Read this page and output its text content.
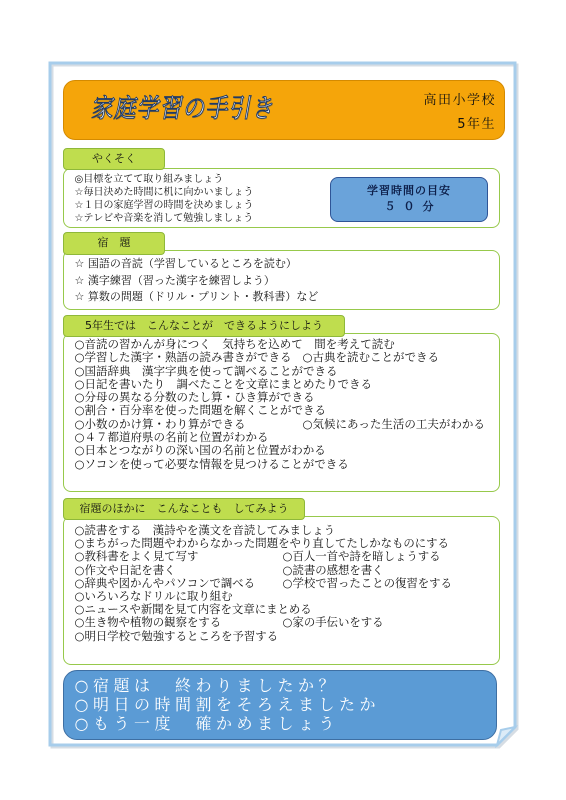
家庭学習の手引き	高田小学校
5年生
やくそく
◎目標を立てて取り組みましょう
☆毎日決めた時間に机に向かいましょう
☆１日の家庭学習の時間を決めましょう
☆テレビや音楽を消して勉強しましょう
学習時間の目安
５０分
宿　題
☆ 国語の音読（学習しているところを読む）
☆ 漢字練習（習った漢字を練習しよう）
☆ 算数の問題（ドリル・プリント・教科書）など
5年生では　こんなことが　できるようにしよう
○音読の習かんが身につく　気持ちを込めて　間を考えて読む
○学習した漢字・熟語の読み書きができる ○古典を読むことができる
○国語辞典　漢字字典を使って調べることができる
○日記を書いたり　調べたことを文章にまとめたりできる
○分母の異なる分数のたし算・ひき算ができる
○割合・百分率を使った問題を解くことができる
○小数のかけ算・わり算ができる	○気候にあった生活の工夫がわかる
○４７都道府県の名前と位置がわかる
○日本とつながりの深い国の名前と位置がわかる
○ソコンを使って必要な情報を見つけることができる
宿題のほかに　こんなことも　してみよう
○読書をする　漢詩やを漢文を音読してみましょう
○まちがった問題やわからなかった問題をやり直してたしかなものにする
○教科書をよく見て写す	○百人一首や詩を暗しょうする
○作文や日記を書く	○読書の感想を書く
○辞典や図かんやパソコンで調べる ○学校で習ったことの復習をする
○いろいろなドリルに取り組む
○ニュースや新聞を見て内容を文章にまとめる
○生き物や植物の観察をする	○家の手伝いをする
○明日学校で勉強するところを予習する
○宿題は　終わりましたか？
○明日の時間割をそろえましたか
○もう一度　確かめましょう
